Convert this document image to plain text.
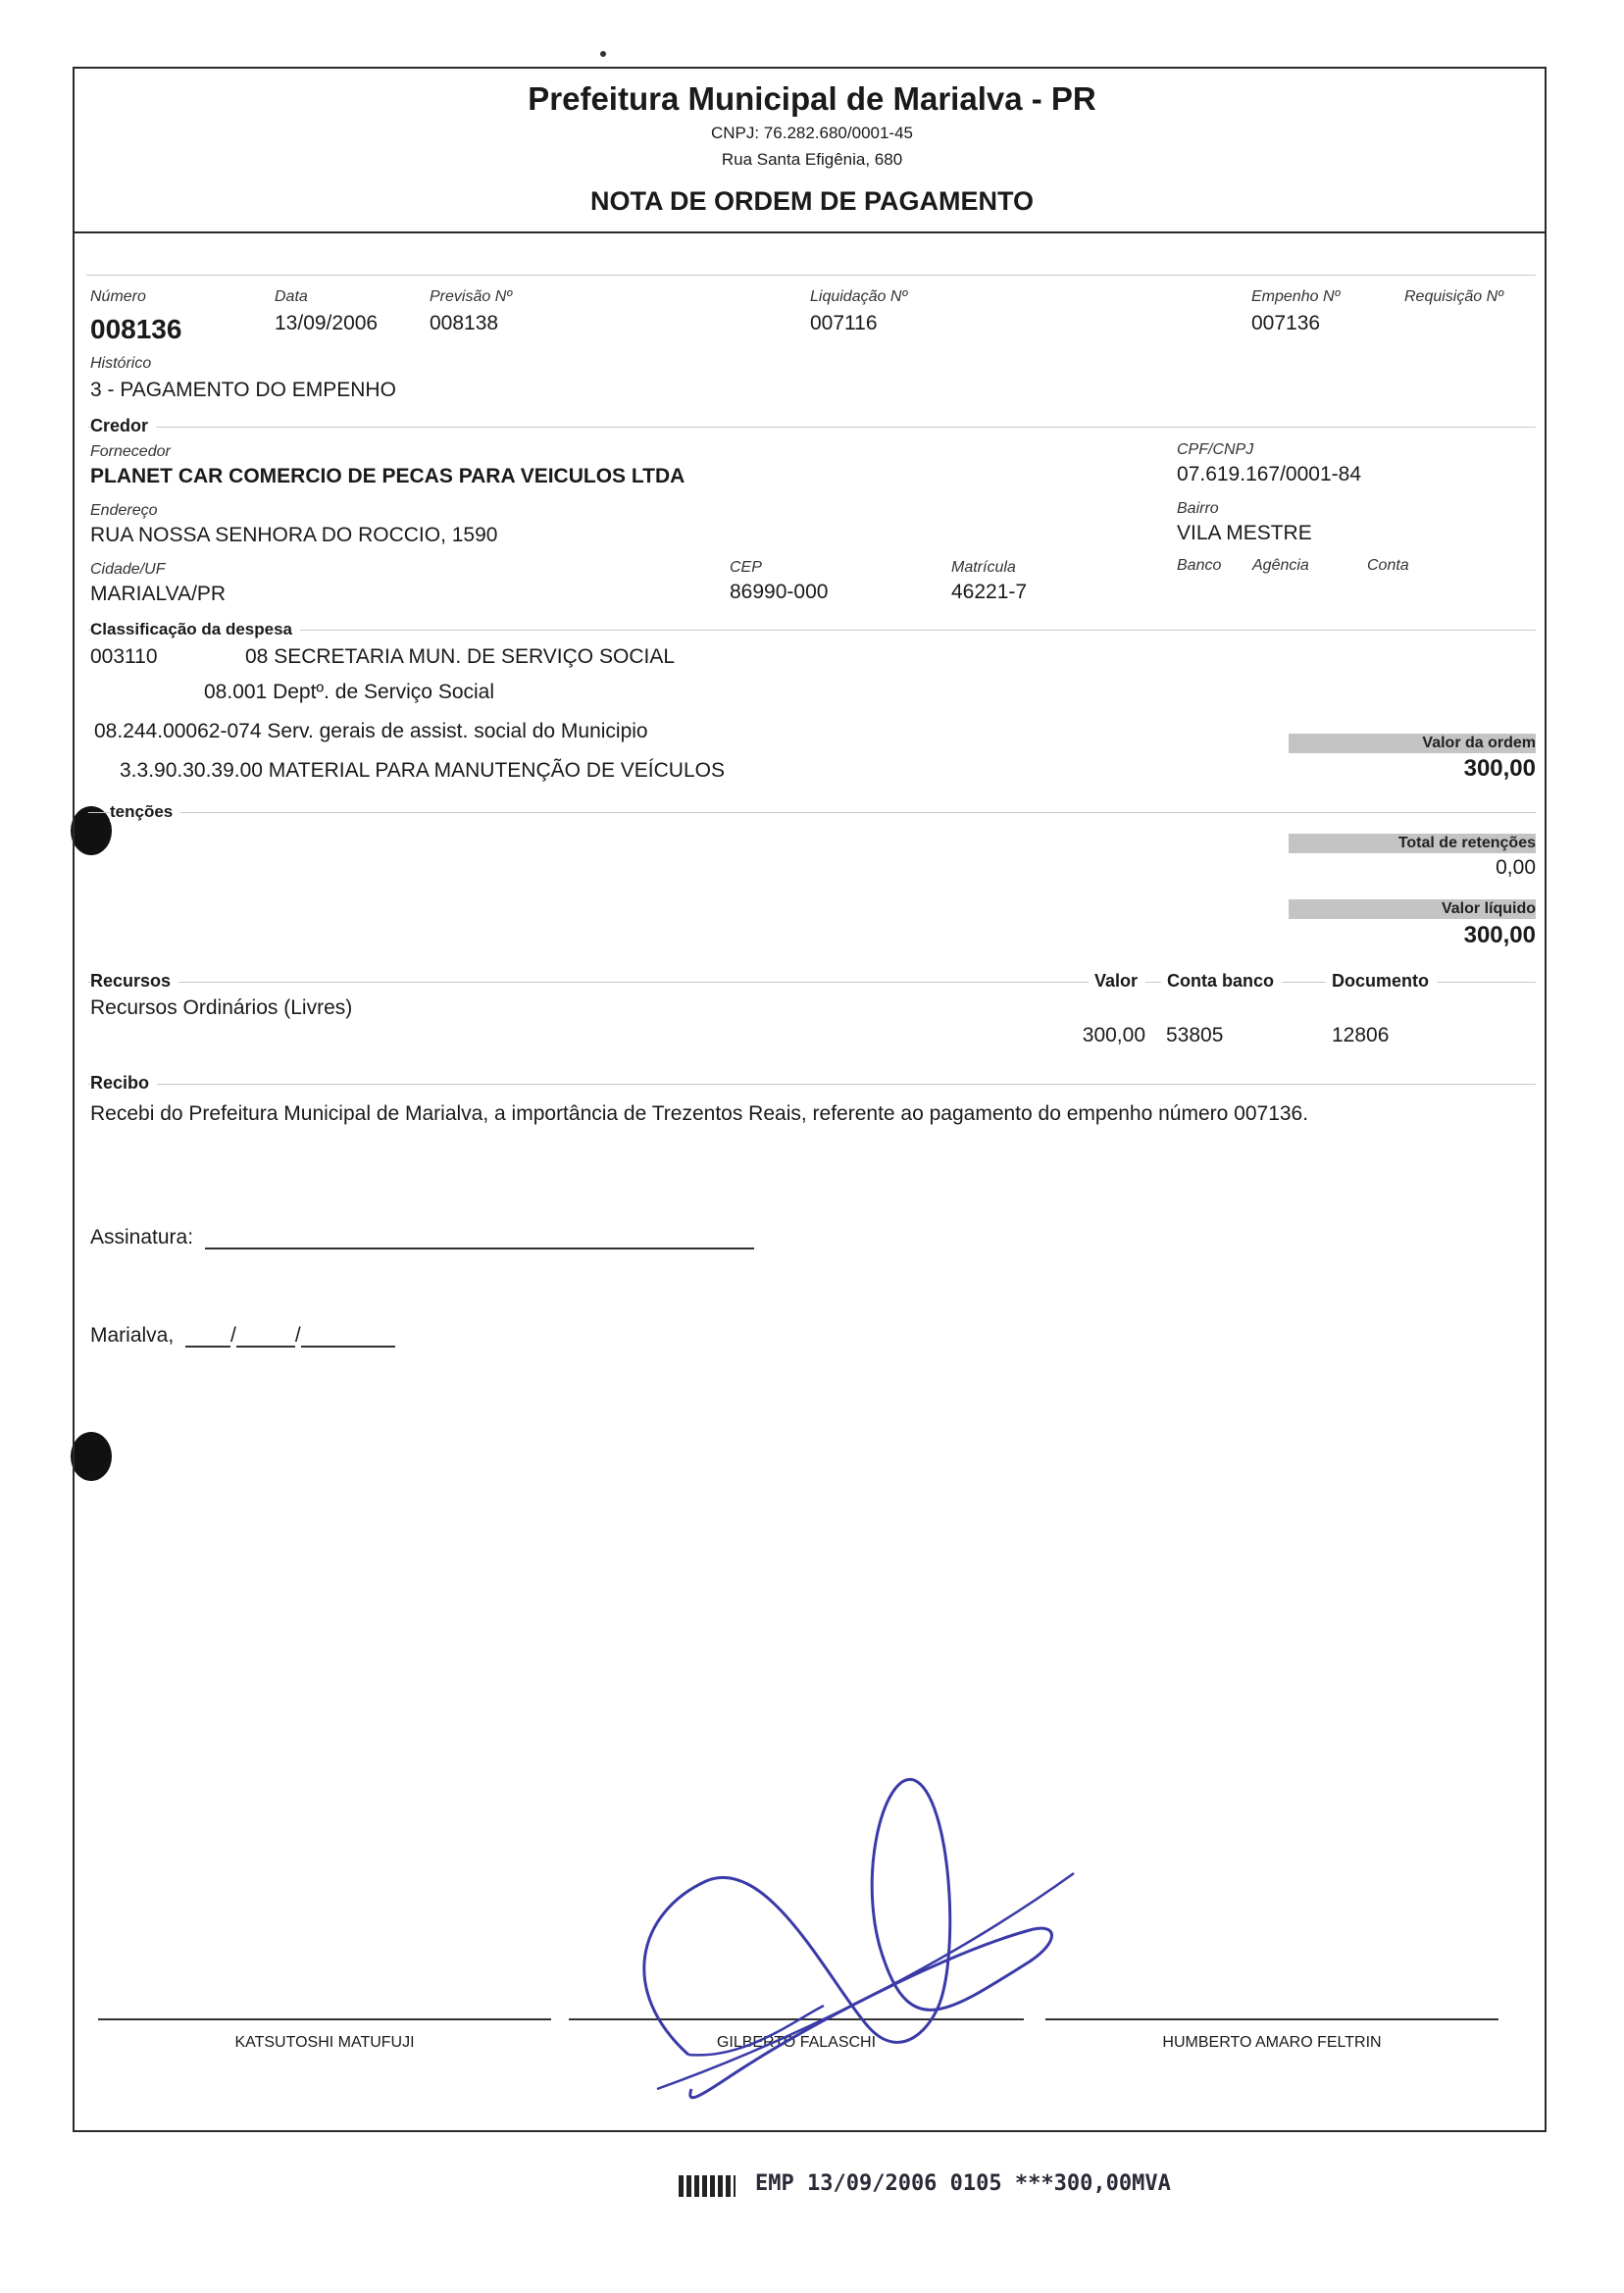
Prefeitura Municipal de Marialva - PR
CNPJ: 76.282.680/0001-45
Rua Santa Efigênia, 680
NOTA DE ORDEM DE PAGAMENTO
Número
008136
Data
13/09/2006
Previsão Nº
008138
Liquidação Nº
007116
Empenho Nº
007136
Requisição Nº
Histórico
3 - PAGAMENTO DO EMPENHO
Credor
Fornecedor
PLANET CAR COMERCIO DE PECAS PARA VEICULOS LTDA
CPF/CNPJ
07.619.167/0001-84
Endereço
RUA NOSSA SENHORA DO ROCCIO, 1590
Bairro
VILA MESTRE
Cidade/UF
MARIALVA/PR
CEP
86990-000
Matrícula
46221-7
Banco Agência	Conta
Classificação da despesa
003110	08 SECRETARIA MUN. DE SERVIÇO SOCIAL
08.001 Deptº. de Serviço Social
08.244.00062-074 Serv. gerais de assist. social do Municipio
3.3.90.30.39.00 MATERIAL PARA MANUTENÇÃO DE VEÍCULOS
Valor da ordem
300,00
tenções
Total de retenções
0,00
Valor líquido
300,00
Recursos	Valor	Conta banco	Documento
Recursos Ordinários (Livres)
300,00 53805	12806
Recibo
Recebi do Prefeitura Municipal de Marialva, a importância de Trezentos Reais, referente ao pagamento do empenho número 007136.
Assinatura:
Marialva,	/	/
KATSUTOSHI MATUFUJI	GILBERTO FALASCHI	HUMBERTO AMARO FELTRIN
EMP 13/09/2006 0105 ***300,00MVA
